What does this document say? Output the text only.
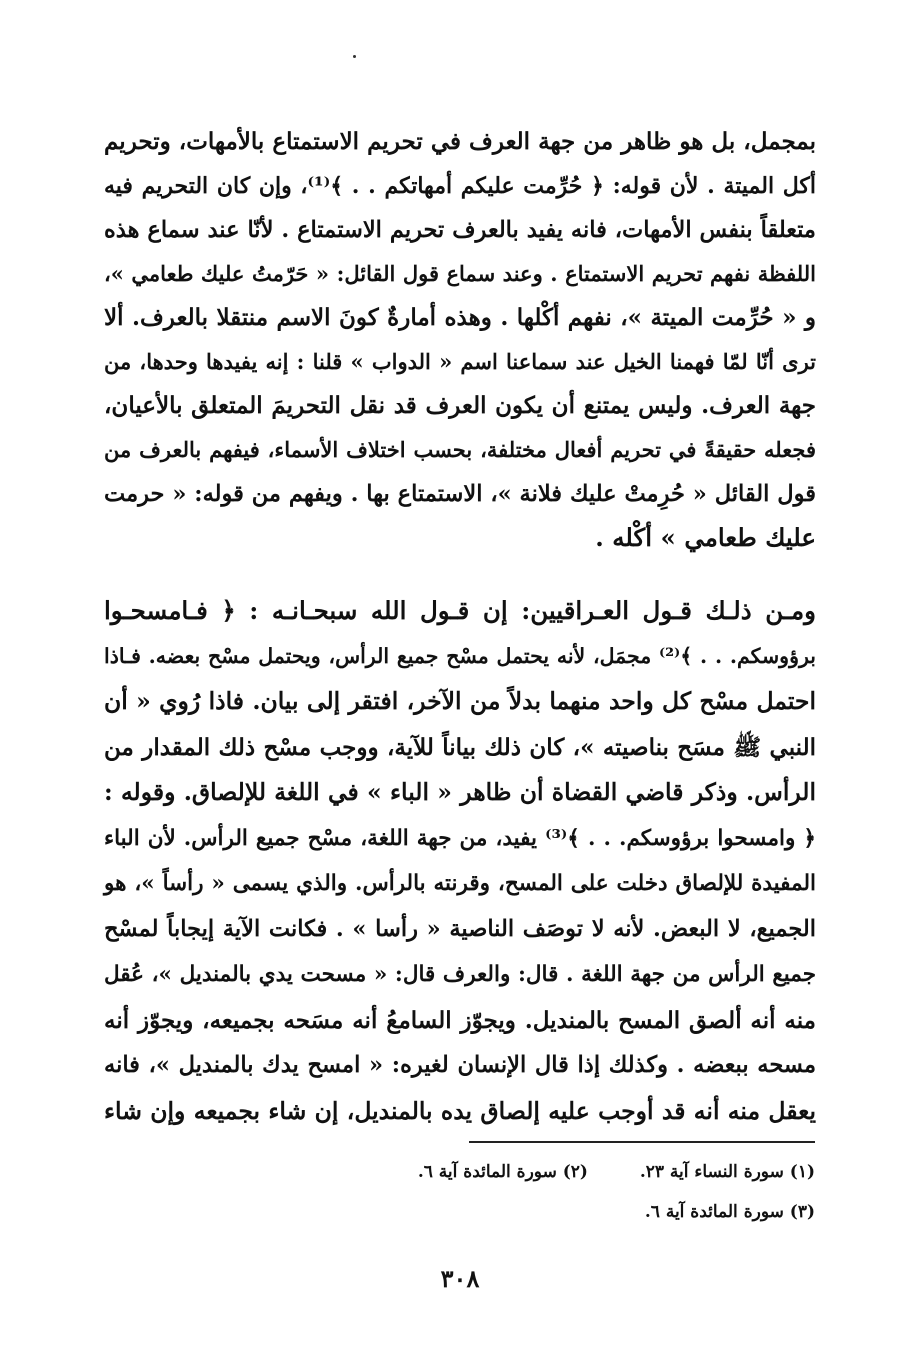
بمجمل، بل هو ظاهر من جهة العرف في تحريم الاستمتاع بالأمهات، وتحريم
أكل الميتة . لأن قوله: ﴿ حُرِّمت عليكم أمهاتكم . . ﴾⁽¹⁾، وإن كان التحريم فيه
متعلقاً بنفس الأمهات، فانه يفيد بالعرف تحريم الاستمتاع . لأنّا عند سماع هذه
اللفظة نفهم تحريم الاستمتاع . وعند سماع قول القائل: « حَرّمتُ عليك طعامي »،
و « حُرِّمت الميتة »، نفهم أكْلها . وهذه أمارةٌ كونَ الاسم منتقلا بالعرف. ألا
ترى أنّا لمّا فهمنا الخيل عند سماعنا اسم « الدواب » قلنا : إنه يفيدها وحدها، من
جهة العرف. وليس يمتنع أن يكون العرف قد نقل التحريمَ المتعلق بالأعيان،
فجعله حقيقةً في تحريم أفعال مختلفة، بحسب اختلاف الأسماء، فيفهم بالعرف من
قول القائل « حُرِمتْ عليك فلانة »، الاستمتاع بها . ويفهم من قوله: « حرمت
عليك طعامي » أكْله .
ومـن ذلـك قـول العـراقيين: إن قـول الله سبحـانـه : ﴿ فـامسحـوا
برؤوسكم. . . ﴾⁽²⁾ مجمَل، لأنه يحتمل مسْح جميع الرأس، ويحتمل مسْح بعضه. فـاذا
احتمل مسْح كل واحد منهما بدلاً من الآخر، افتقر إلى بيان. فاذا رُوي « أن
النبي ﷺ مسَح بناصيته »، كان ذلك بياناً للآية، ووجب مسْح ذلك المقدار من
الرأس. وذكر قاضي القضاة أن ظاهر « الباء » في اللغة للإلصاق. وقوله :
﴿ وامسحوا برؤوسكم. . . ﴾⁽³⁾ يفيد، من جهة اللغة، مسْح جميع الرأس. لأن الباء
المفيدة للإلصاق دخلت على المسح، وقرنته بالرأس. والذي يسمى « رأساً »، هو
الجميع، لا البعض. لأنه لا توصَف الناصية « رأسا » . فكانت الآية إيجاباً لمسْح
جميع الرأس من جهة اللغة . قال: والعرف قال: « مسحت يدي بالمنديل »، عُقل
منه أنه ألصق المسح بالمنديل. ويجوّز السامعُ أنه مسَحه بجميعه، ويجوّز أنه
مسحه ببعضه . وكذلك إذا قال الإنسان لغيره: « امسح يدك بالمنديل »، فانه
يعقل منه أنه قد أوجب عليه إلصاق يده بالمنديل، إن شاء بجميعه وإن شاء
(١) سورة النساء آية ٢٣.  (٢) سورة المائدة آية ٦.
(٣) سورة المائدة آية ٦.
٣٠٨
